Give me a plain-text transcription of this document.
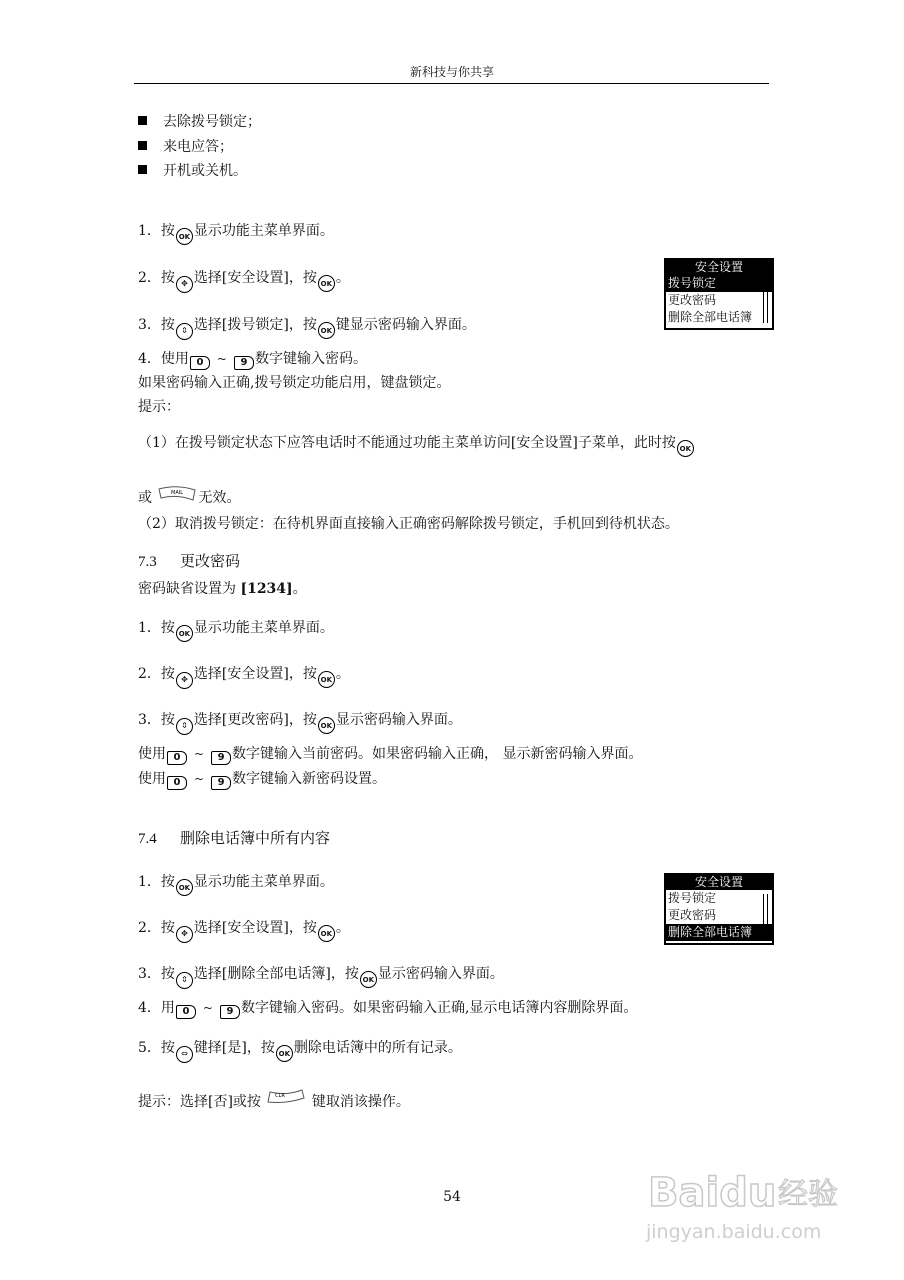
新科技与你共享
去除拨号锁定；
来电应答；
开机或关机。
1．按 OK 显示功能主菜单界面。
2．按 ✥ 选择[安全设置]，按 OK 。
3．按 ⇕ 选择[拨号锁定]，按 OK 键显示密码输入界面。
4．使用 0 ~ 9 数字键输入密码。
如果密码输入正确,拨号锁定功能启用，键盘锁定。
提示：
（1）在拨号锁定状态下应答电话时不能通过功能主菜单访问[安全设置]子菜单，此时按 OK
或	MAIL 无效。
（2）取消拨号锁定：在待机界面直接输入正确密码解除拨号锁定，手机回到待机状态。
安全设置
拨号锁定
更改密码
删除全部电话簿
7.3 更改密码
密码缺省设置为 [1234]。
1．按 OK 显示功能主菜单界面。
2．按 ✥ 选择[安全设置]，按 OK 。
3．按 ⇕ 选择[更改密码]，按 OK 显示密码输入界面。
使用 0 ~ 9 数字键输入当前密码。如果密码输入正确， 显示新密码输入界面。
使用 0 ~ 9 数字键输入新密码设置。
7.4 删除电话簿中所有内容
1．按 OK 显示功能主菜单界面。
2．按 ✥ 选择[安全设置]，按 OK 。
3．按 ⇕ 选择[删除全部电话簿]，按 OK 显示密码输入界面。
4．用 0 ~ 9 数字键输入密码。如果密码输入正确,显示电话簿内容删除界面。
5．按 ⇔ 键择[是]，按 OK 删除电话簿中的所有记录。
提示：选择[否]或按	CLR 键取消该操作。
安全设置
拨号锁定
更改密码
删除全部电话簿
54	Baidu 经验
jingyan.baidu.com
